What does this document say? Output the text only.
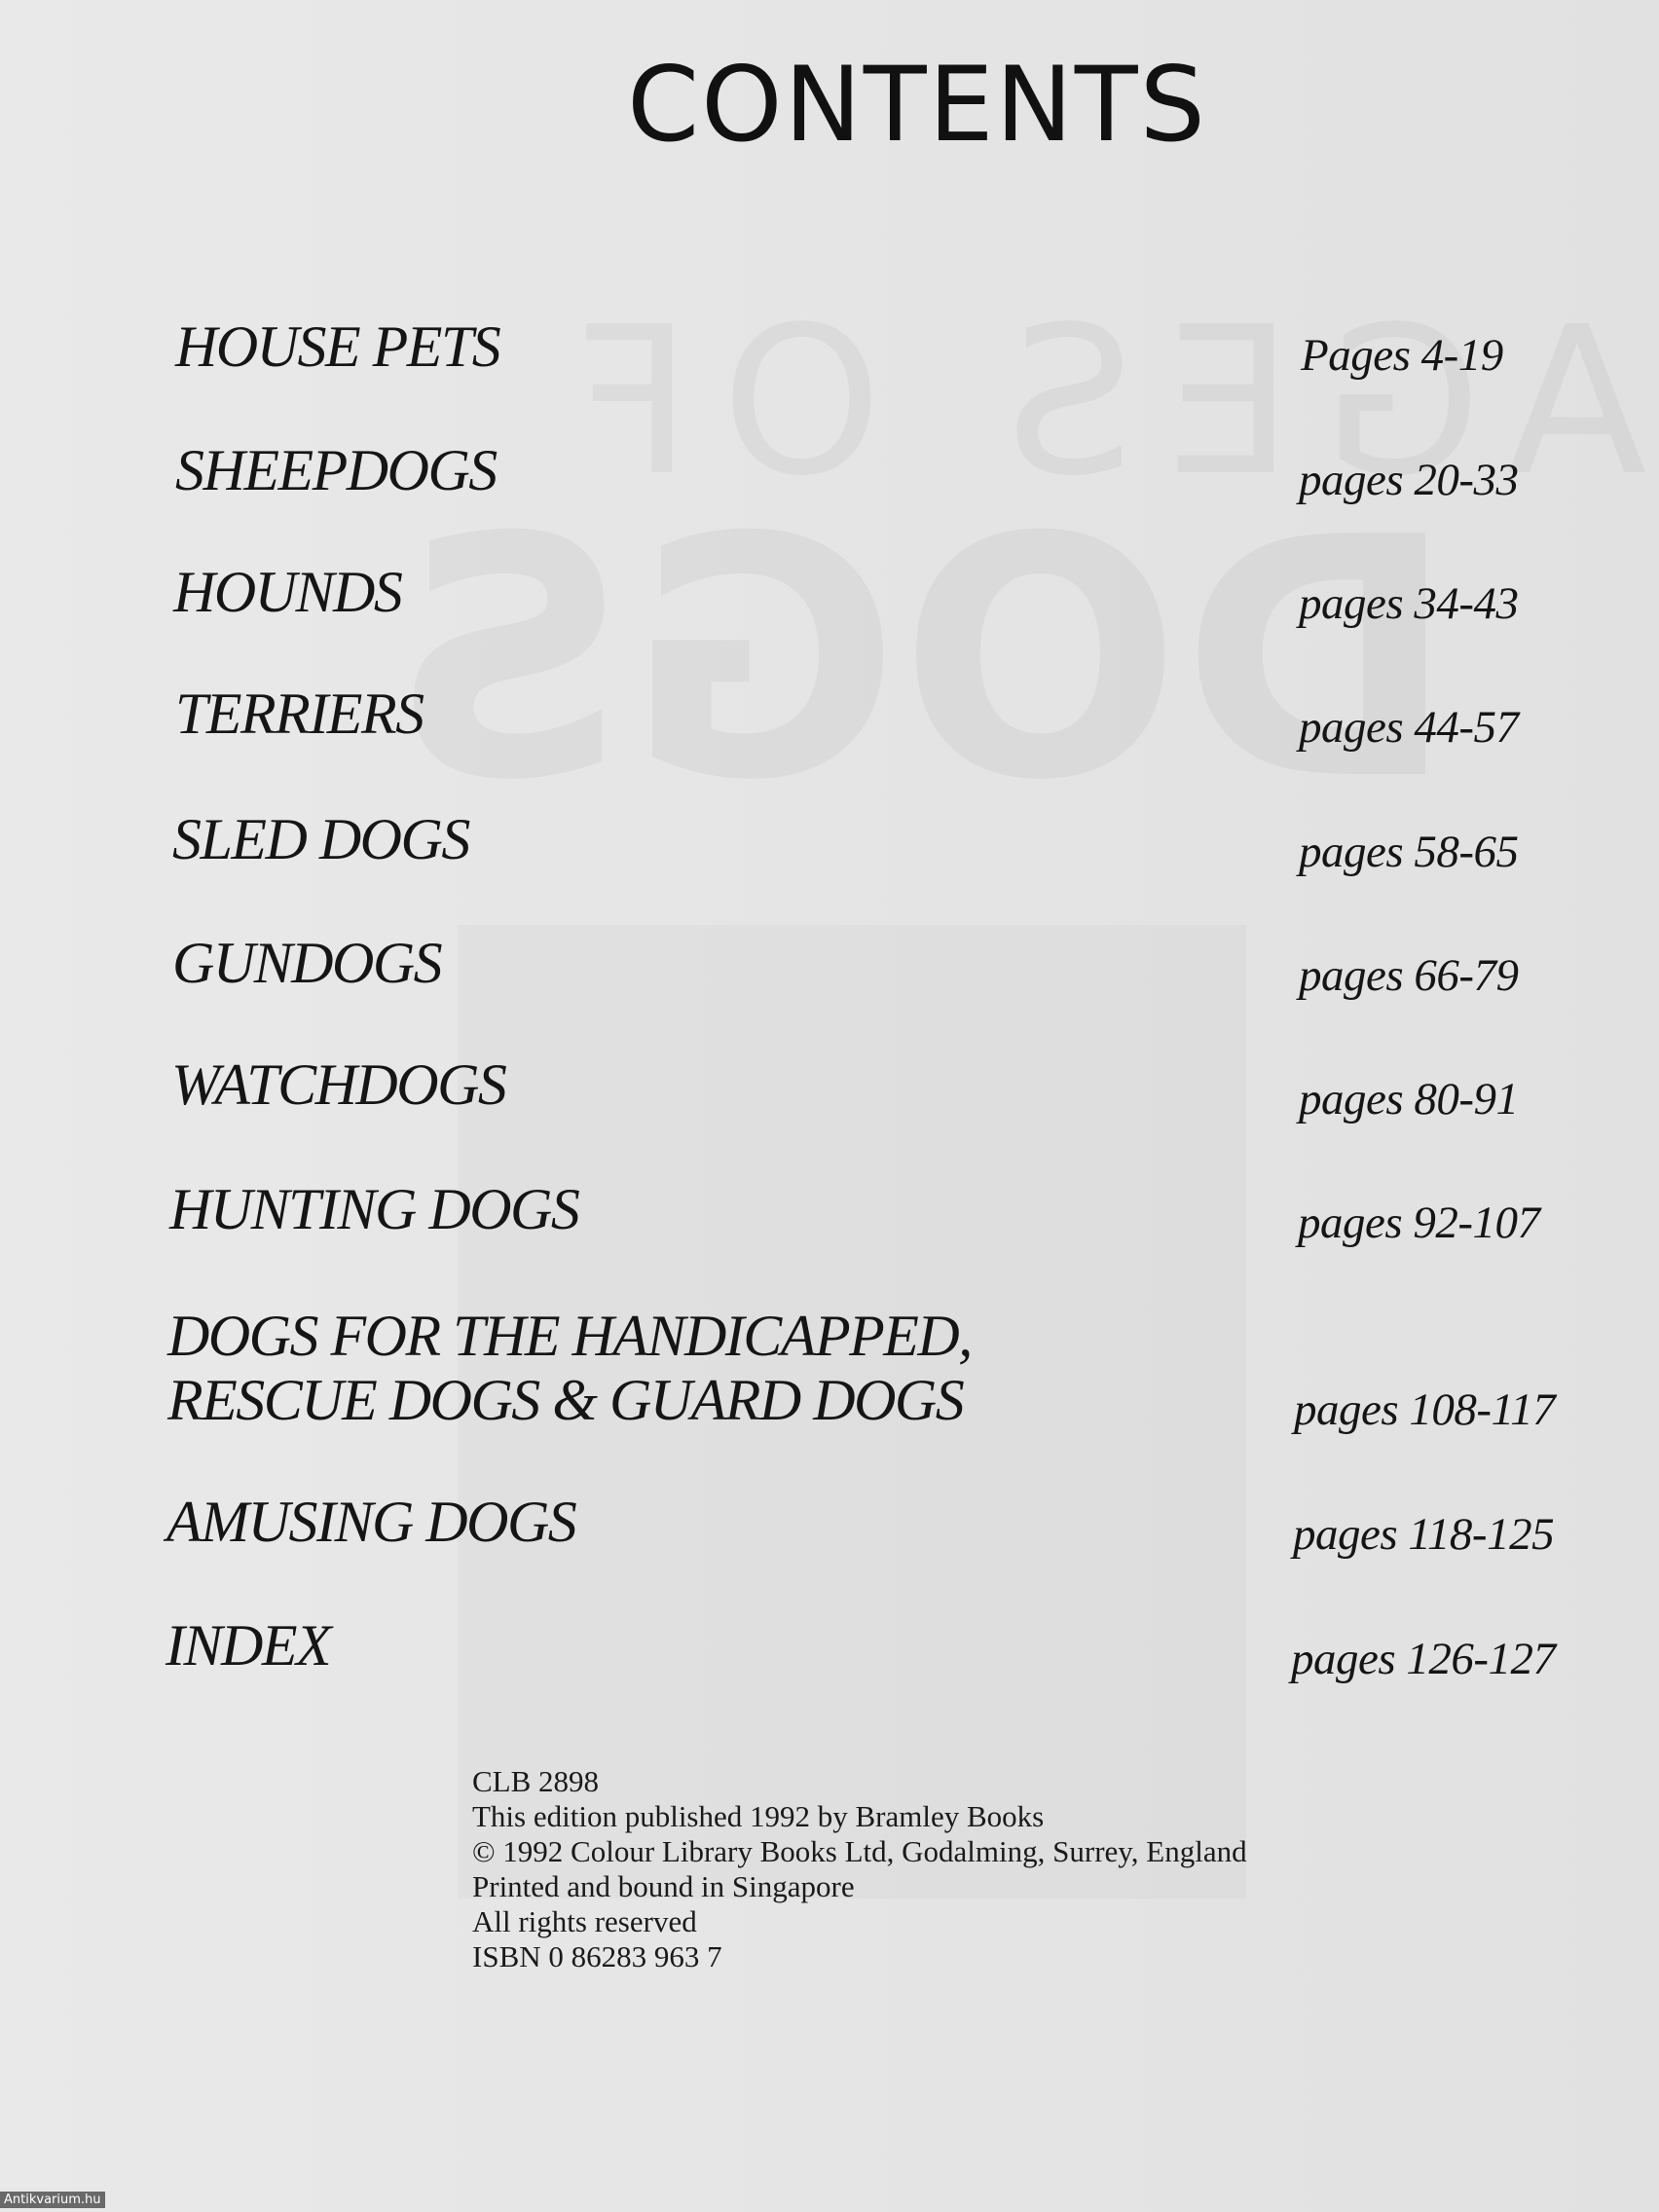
CONTENTS
HOUSE PETS	Pages 4-19
SHEEPDOGS	pages 20-33
HOUNDS	pages 34-43
TERRIERS	pages 44-57
SLED DOGS	pages 58-65
GUNDOGS	pages 66-79
WATCHDOGS	pages 80-91
HUNTING DOGS	pages 92-107
DOGS FOR THE HANDICAPPED,
RESCUE DOGS & GUARD DOGS	pages 108-117
AMUSING DOGS	pages 118-125
INDEX	pages 126-127
CLB 2898
This edition published 1992 by Bramley Books
© 1992 Colour Library Books Ltd, Godalming, Surrey, England
Printed and bound in Singapore
All rights reserved
ISBN 0 86283 963 7
Antikvarium.hu
